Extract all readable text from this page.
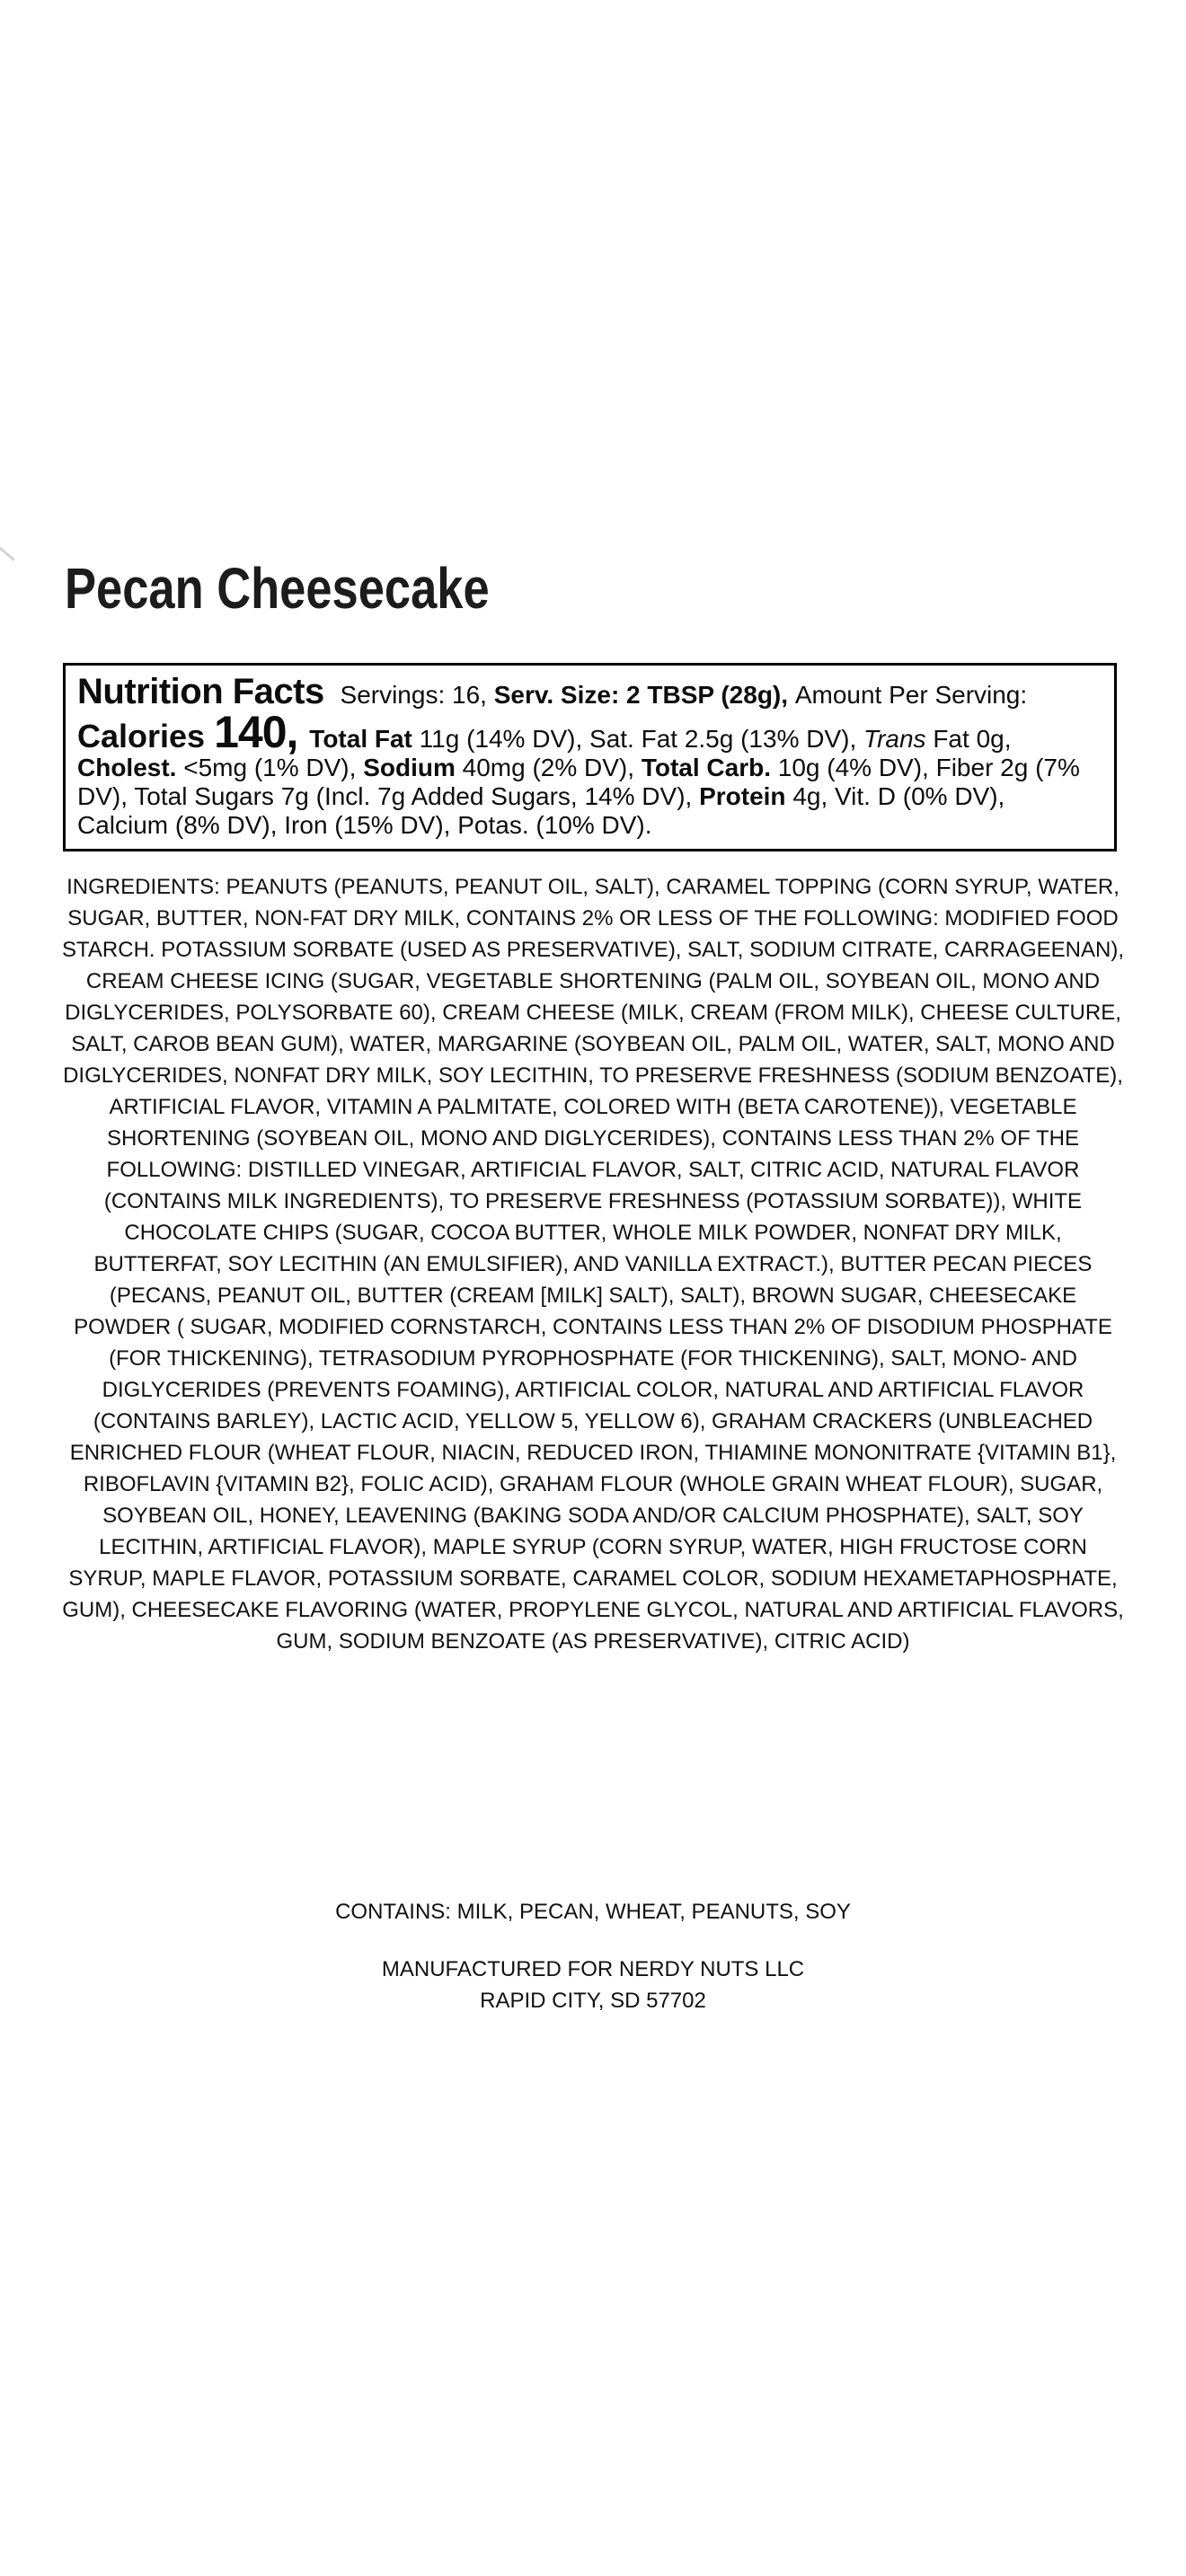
Pecan Cheesecake

Nutrition Facts Servings: 16, Serv. Size: 2 TBSP (28g), Amount Per Serving: Calories 140, Total Fat 11g (14% DV), Sat. Fat 2.5g (13% DV), Trans Fat 0g, Cholest. <5mg (1% DV), Sodium 40mg (2% DV), Total Carb. 10g (4% DV), Fiber 2g (7% DV), Total Sugars 7g (Incl. 7g Added Sugars, 14% DV), Protein 4g, Vit. D (0% DV), Calcium (8% DV), Iron (15% DV), Potas. (10% DV).

INGREDIENTS: PEANUTS (PEANUTS, PEANUT OIL, SALT), CARAMEL TOPPING (CORN SYRUP, WATER, SUGAR, BUTTER, NON-FAT DRY MILK, CONTAINS 2% OR LESS OF THE FOLLOWING: MODIFIED FOOD STARCH. POTASSIUM SORBATE (USED AS PRESERVATIVE), SALT, SODIUM CITRATE, CARRAGEENAN), CREAM CHEESE ICING (SUGAR, VEGETABLE SHORTENING (PALM OIL, SOYBEAN OIL, MONO AND DIGLYCERIDES, POLYSORBATE 60), CREAM CHEESE (MILK, CREAM (FROM MILK), CHEESE CULTURE, SALT, CAROB BEAN GUM), WATER, MARGARINE (SOYBEAN OIL, PALM OIL, WATER, SALT, MONO AND DIGLYCERIDES, NONFAT DRY MILK, SOY LECITHIN, TO PRESERVE FRESHNESS (SODIUM BENZOATE), ARTIFICIAL FLAVOR, VITAMIN A PALMITATE, COLORED WITH (BETA CAROTENE)), VEGETABLE SHORTENING (SOYBEAN OIL, MONO AND DIGLYCERIDES), CONTAINS LESS THAN 2% OF THE FOLLOWING: DISTILLED VINEGAR, ARTIFICIAL FLAVOR, SALT, CITRIC ACID, NATURAL FLAVOR (CONTAINS MILK INGREDIENTS), TO PRESERVE FRESHNESS (POTASSIUM SORBATE)), WHITE CHOCOLATE CHIPS (SUGAR, COCOA BUTTER, WHOLE MILK POWDER, NONFAT DRY MILK, BUTTERFAT, SOY LECITHIN (AN EMULSIFIER), AND VANILLA EXTRACT.), BUTTER PECAN PIECES (PECANS, PEANUT OIL, BUTTER (CREAM [MILK] SALT), SALT), BROWN SUGAR, CHEESECAKE POWDER ( SUGAR, MODIFIED CORNSTARCH, CONTAINS LESS THAN 2% OF DISODIUM PHOSPHATE (FOR THICKENING), TETRASODIUM PYROPHOSPHATE (FOR THICKENING), SALT, MONO- AND DIGLYCERIDES (PREVENTS FOAMING), ARTIFICIAL COLOR, NATURAL AND ARTIFICIAL FLAVOR (CONTAINS BARLEY), LACTIC ACID, YELLOW 5, YELLOW 6), GRAHAM CRACKERS (UNBLEACHED ENRICHED FLOUR (WHEAT FLOUR, NIACIN, REDUCED IRON, THIAMINE MONONITRATE {VITAMIN B1}, RIBOFLAVIN {VITAMIN B2}, FOLIC ACID), GRAHAM FLOUR (WHOLE GRAIN WHEAT FLOUR), SUGAR, SOYBEAN OIL, HONEY, LEAVENING (BAKING SODA AND/OR CALCIUM PHOSPHATE), SALT, SOY LECITHIN, ARTIFICIAL FLAVOR), MAPLE SYRUP (CORN SYRUP, WATER, HIGH FRUCTOSE CORN SYRUP, MAPLE FLAVOR, POTASSIUM SORBATE, CARAMEL COLOR, SODIUM HEXAMETAPHOSPHATE, GUM), CHEESECAKE FLAVORING (WATER, PROPYLENE GLYCOL, NATURAL AND ARTIFICIAL FLAVORS, GUM, SODIUM BENZOATE (AS PRESERVATIVE), CITRIC ACID)

CONTAINS: MILK, PECAN, WHEAT, PEANUTS, SOY

MANUFACTURED FOR NERDY NUTS LLC
RAPID CITY, SD 57702
